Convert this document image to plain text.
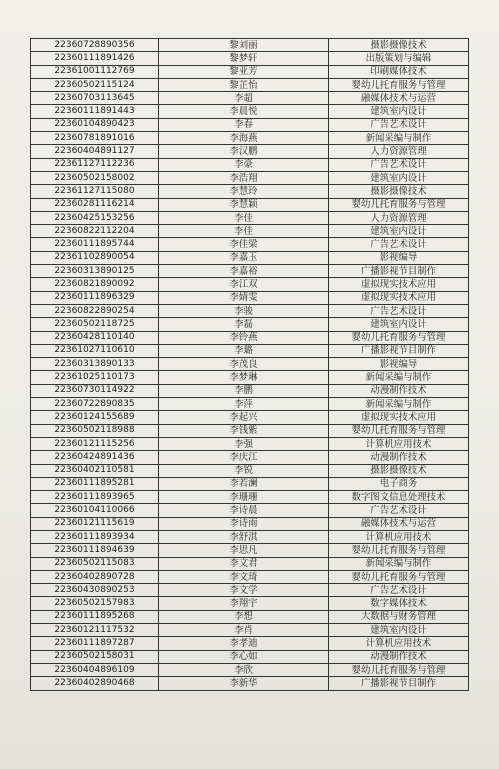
22360728890356	黎刘丽	摄影摄像技术
22360111891426	黎梦轩	出版策划与编辑
22361001112769	黎亚芳	印刷媒体技术
22360502115124	黎芷怡	婴幼儿托育服务与管理
22360703113645	李超	融媒体技术与运营
22360111891443	李晨悦	建筑室内设计
22360104890423	李春	广告艺术设计
22360781891016	李海燕	新闻采编与制作
22360404891127	李汉鹏	人力资源管理
22361127112236	李豪	广告艺术设计
22360502158002	李浩翔	建筑室内设计
22361127115080	李慧玲	摄影摄像技术
22360281116214	李慧颖	婴幼儿托育服务与管理
22360425153256	李佳	人力资源管理
22360822112204	李佳	建筑室内设计
22360111895744	李佳梁	广告艺术设计
22361102890054	李嘉玉	影视编导
22360313890125	李嘉裕	广播影视节目制作
22360821890092	李江双	虚拟现实技术应用
22360111896329	李婧雯	虚拟现实技术应用
22360822890254	李骏	广告艺术设计
22360502118725	李磊	建筑室内设计
22360428110140	李铃燕	婴幼儿托育服务与管理
22361027110610	李璐	广播影视节目制作
22360313890133	李茂良	影视编导
22361025110173	李梦琳	新闻采编与制作
22360730114922	李鹏	动漫制作技术
22360722890835	李萍	新闻采编与制作
22360124155689	李起兴	虚拟现实技术应用
22360502118988	李钱紫	婴幼儿托育服务与管理
22360121115256	李强	计算机应用技术
22360424891436	李庆江	动漫制作技术
22360402110581	李锐	摄影摄像技术
22360111895281	李若澜	电子商务
22360111893965	李珊珊	数字图文信息处理技术
22360104110066	李诗晨	广告艺术设计
22360121115619	李诗雨	融媒体技术与运营
22360111893934	李舒淇	计算机应用技术
22360111894639	李思凡	婴幼儿托育服务与管理
22360502115083	李文君	新闻采编与制作
22360402890728	李文琦	婴幼儿托育服务与管理
22360430890253	李文学	广告艺术设计
22360502157983	李翔宇	数字媒体技术
22360111895268	李想	大数据与财务管理
22360121117532	李肖	建筑室内设计
22360111897287	李孝迪	计算机应用技术
22360502158031	李心如	动漫制作技术
22360404896109	李欣	婴幼儿托育服务与管理
22360402890468	李新华	广播影视节目制作
